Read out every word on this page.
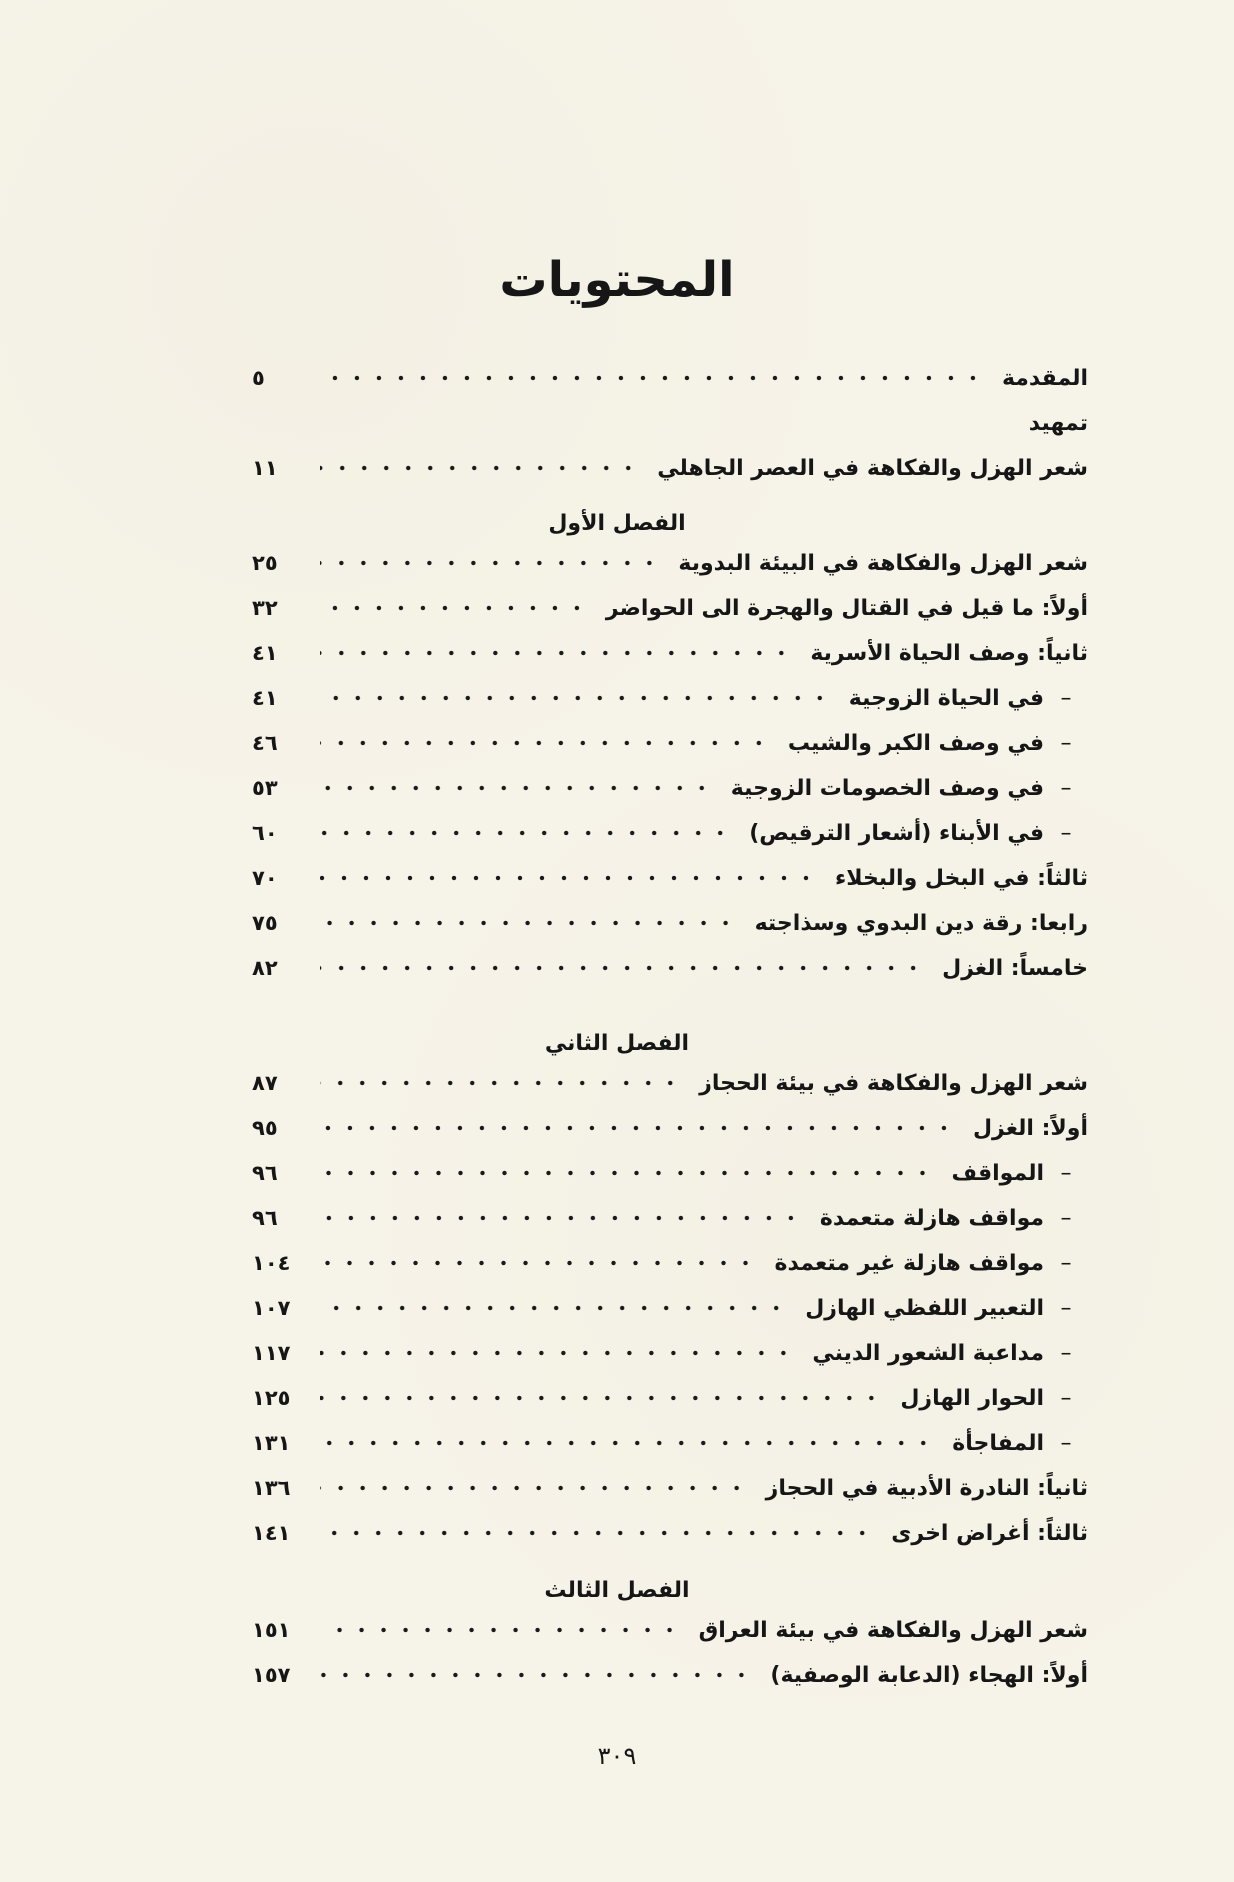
المحتويات
المقدمة
٥
تمهيد
شعر الهزل والفكاهة في العصر الجاهلي
١١
الفصل الأول
شعر الهزل والفكاهة في البيئة البدوية
٢٥
أولاً: ما قيل في القتال والهجرة الى الحواضر
٣٢
ثانياً: وصف الحياة الأسرية
٤١
–في الحياة الزوجية
٤١
–في وصف الكبر والشيب
٤٦
–في وصف الخصومات الزوجية
٥٣
–في الأبناء (أشعار الترقيص)
٦٠
ثالثاً: في البخل والبخلاء
٧٠
رابعا: رقة دين البدوي وسذاجته
٧٥
خامساً: الغزل
٨٢
الفصل الثاني
شعر الهزل والفكاهة في بيئة الحجاز
٨٧
أولاً: الغزل
٩٥
–المواقف
٩٦
–مواقف هازلة متعمدة
٩٦
–مواقف هازلة غير متعمدة
١٠٤
–التعبير اللفظي الهازل
١٠٧
–مداعبة الشعور الديني
١١٧
–الحوار الهازل
١٢٥
–المفاجأة
١٣١
ثانياً: النادرة الأدبية في الحجاز
١٣٦
ثالثاً: أغراض اخرى
١٤١
الفصل الثالث
شعر الهزل والفكاهة في بيئة العراق
١٥١
أولاً: الهجاء (الدعابة الوصفية)
١٥٧
٣٠٩
